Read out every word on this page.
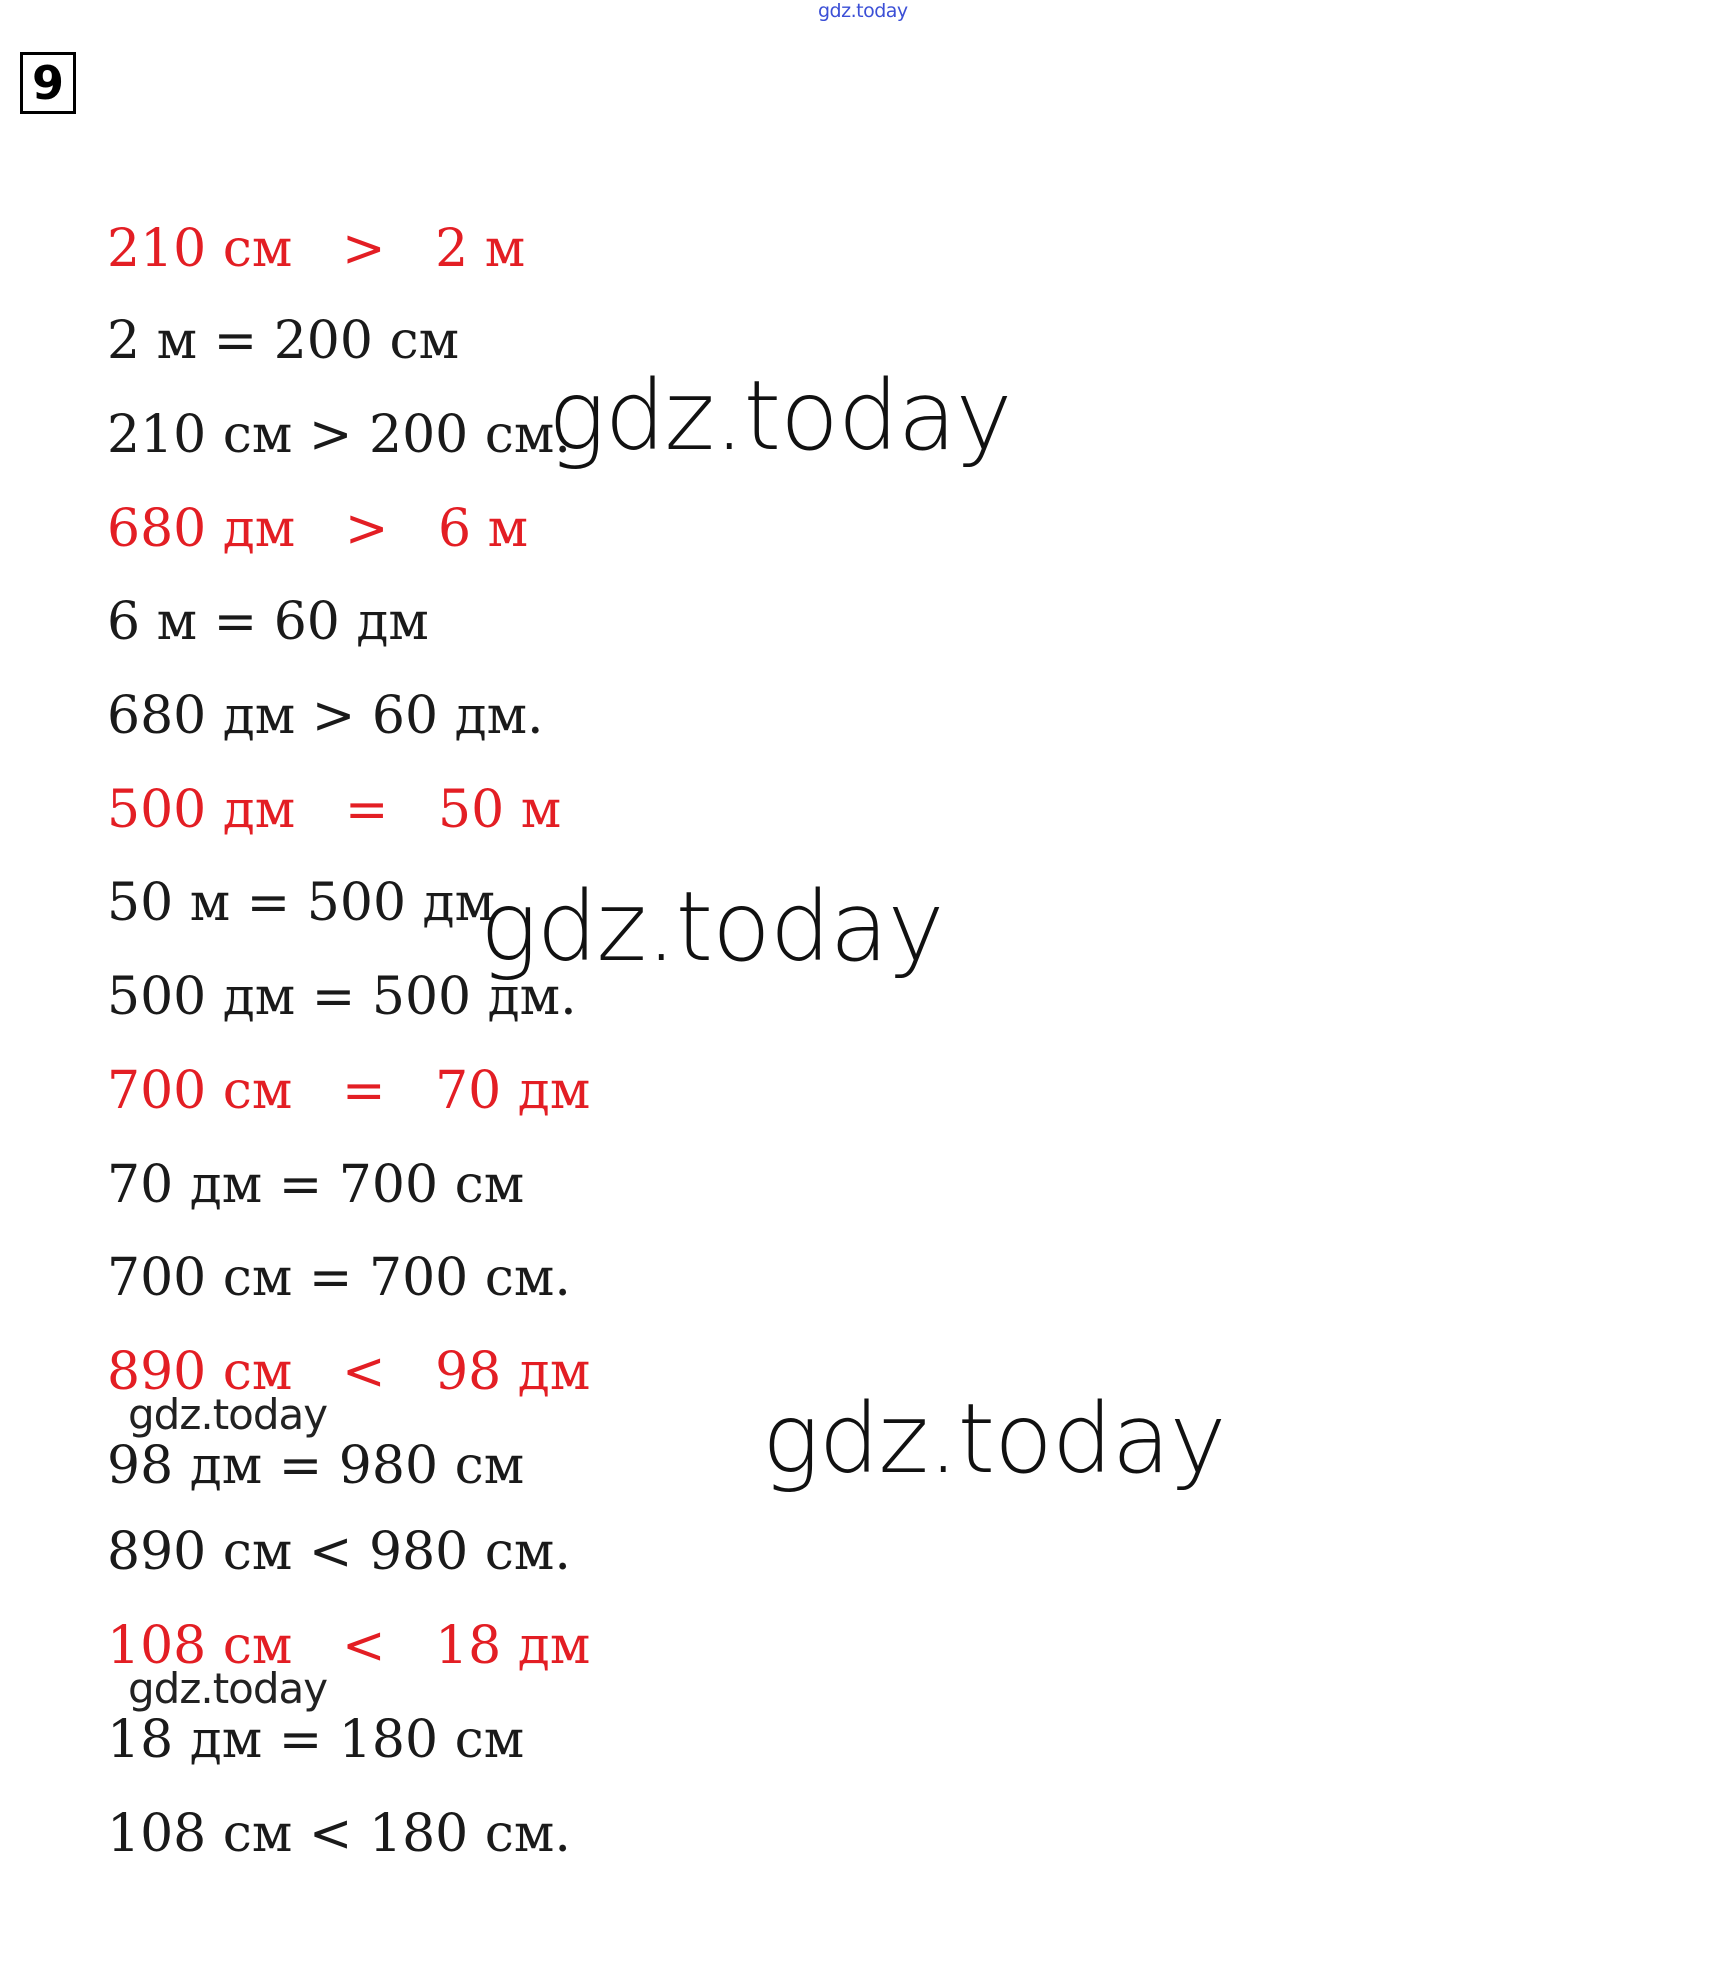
gdz.today
9
210 см   >   2 м
2 м = 200 см
210 см > 200 см.
680 дм   >   6 м
6 м = 60 дм
680 дм > 60 дм.
500 дм   =   50 м
50 м = 500 дм
500 дм = 500 дм.
700 см   =   70 дм
70 дм = 700 см
700 см = 700 см.
890 см   <   98 дм
98 дм = 980 см
890 см < 980 см.
108 см   <   18 дм
18 дм = 180 см
108 см < 180 см.
gdz.today
gdz.today
gdz.today
gdz.today
gdz.today
